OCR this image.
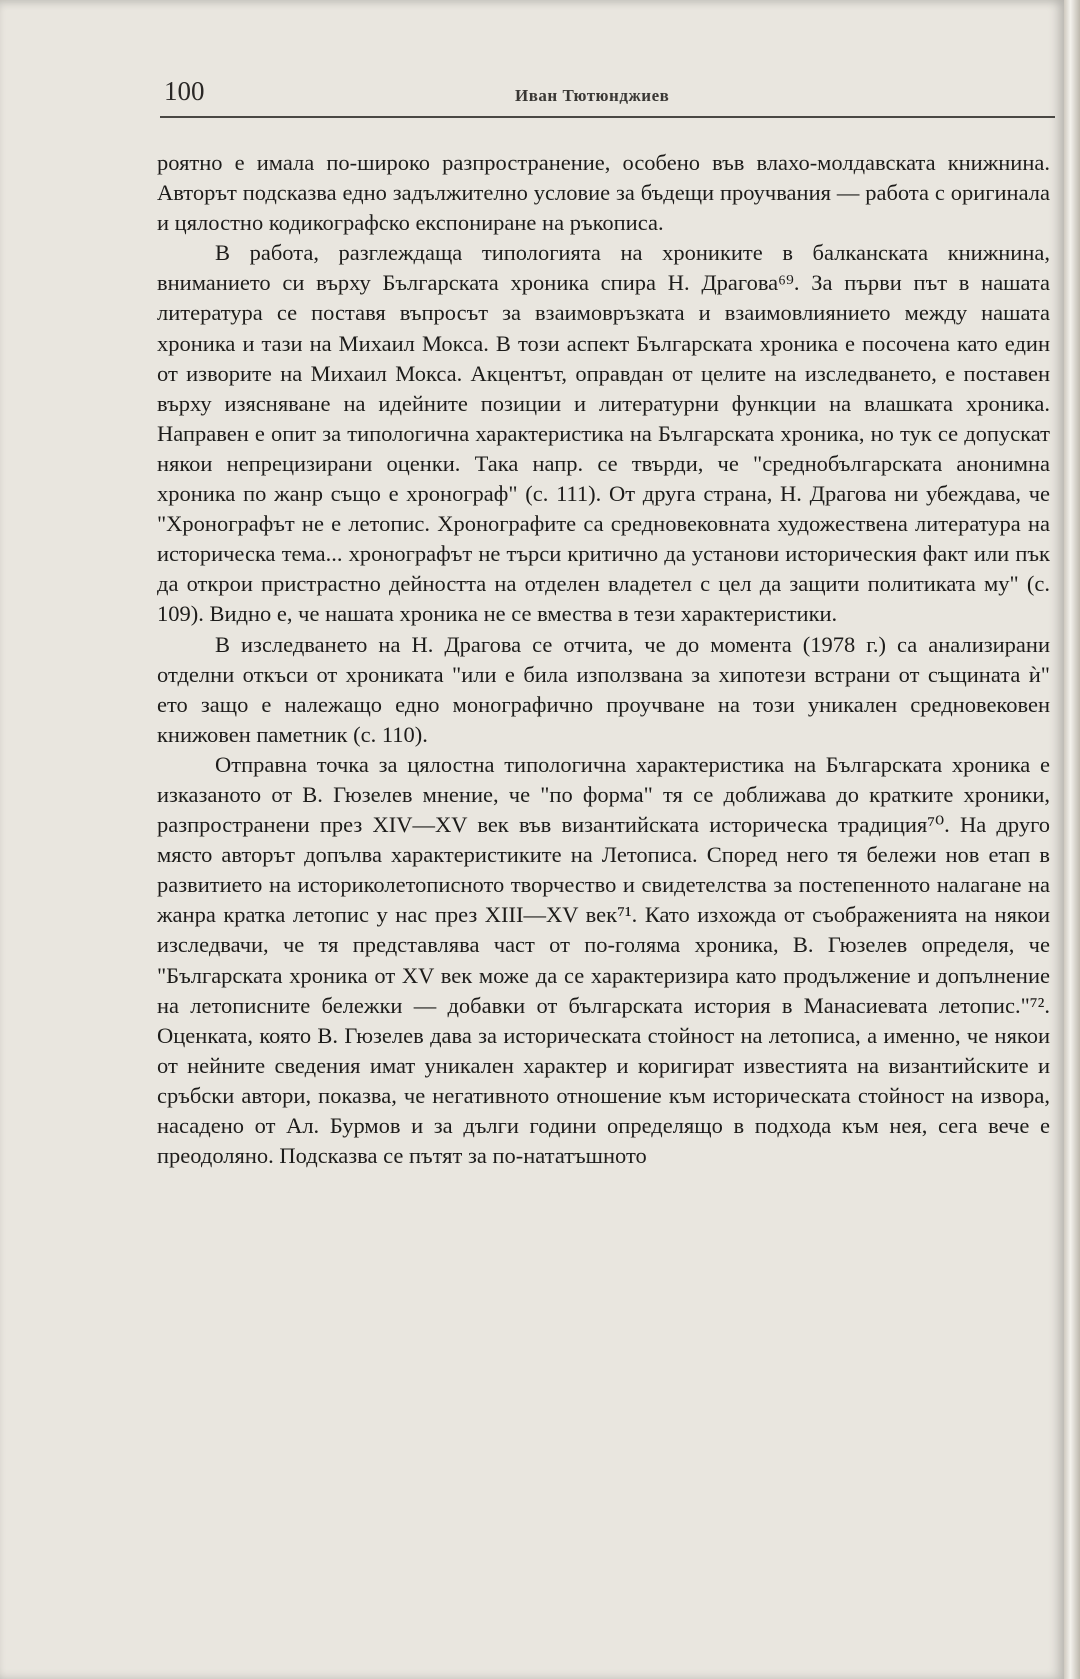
100	Иван Тютюнджиев

роятно е имала по-широко разпространение, особено във влахо-молдавската книжнина. Авторът подсказва едно задължително условие за бъдещи проучвания — работа с оригинала и цялостно кодикографско експониране на ръкописа.

В работа, разглеждаща типологията на хрониките в балканската книжнина, вниманието си върху Българската хроника спира Н. Драгова⁶⁹. За първи път в нашата литература се поставя въпросът за взаимовръзката и взаимовлиянието между нашата хроника и тази на Михаил Мокса. В този аспект Българската хроника е посочена като един от изворите на Михаил Мокса. Акцентът, оправдан от целите на изследването, е поставен върху изясняване на идейните позиции и литературни функции на влашката хроника. Направен е опит за типологична характеристика на Българската хроника, но тук се допускат някои непрецизирани оценки. Така напр. се твърди, че "среднобългарската анонимна хроника по жанр също е хронограф" (с. 111). От друга страна, Н. Драгова ни убеждава, че "Хронографът не е летопис. Хронографите са средновековната художествена литература на историческа тема... хронографът не търси критично да установи историческия факт или пък да открои пристрастно дейността на отделен владетел с цел да защити политиката му" (с. 109). Видно е, че нашата хроника не се вмества в тези характеристики.

В изследването на Н. Драгова се отчита, че до момента (1978 г.) са анализирани отделни откъси от хрониката "или е била използвана за хипотези встрани от същината ѝ" ето защо е належащо едно монографично проучване на този уникален средновековен книжовен паметник (с. 110).

Отправна точка за цялостна типологична характеристика на Българската хроника е изказаното от В. Гюзелев мнение, че "по форма" тя се доближава до кратките хроники, разпространени през XIV—XV век във византийската историческа традиция⁷⁰. На друго място авторът допълва характеристиките на Летописа. Според него тя бележи нов етап в развитието на историколетописното творчество и свидетелства за постепенното налагане на жанра кратка летопис у нас през XIII—XV век⁷¹. Като изхожда от съображенията на някои изследвачи, че тя представлява част от по-голяма хроника, В. Гюзелев определя, че "Българската хроника от XV век може да се характеризира като продължение и допълнение на летописните бележки — добавки от българската история в Манасиевата летопис."⁷². Оценката, която В. Гюзелев дава за историческата стойност на летописа, а именно, че някои от нейните сведения имат уникален характер и коригират известията на византийските и сръбски автори, показва, че негативното отношение към историческата стойност на извора, насадено от Ал. Бурмов и за дълги години определящо в подхода към нея, сега вече е преодоляно. Подсказва се пътят за по-нататъшното
